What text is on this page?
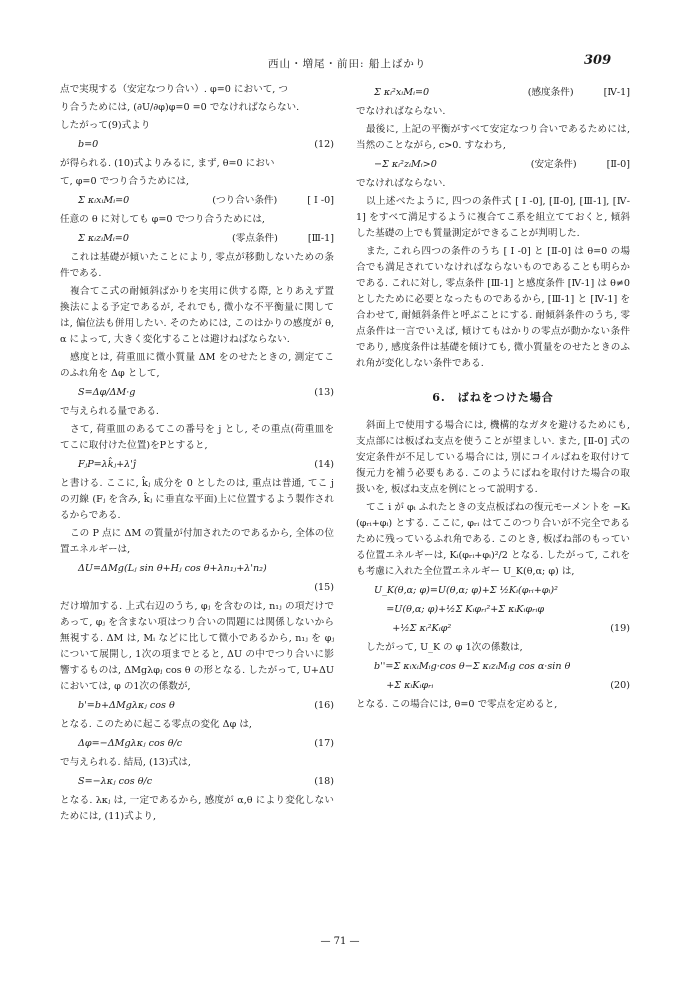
西山・増尾・前田: 船上ばかり	309

点で実現する（安定なつり合い）. φ=0 において, つ

り合うためには, (∂U/∂φ)φ=0 =0 でなければならない.

したがって(9)式より

b=0	(12)

が得られる. (10)式よりみるに, まず, θ=0 におい

て, φ=0 でつり合うためには,

Σ κᵢxᵢMᵢ=0	(つり合い条件)	[ I -0]

任意の θ に対しても φ=0 でつり合うためには,

Σ κᵢzᵢMᵢ=0	(零点条件)	[Ⅲ-1]

これは基礎が傾いたことにより, 零点が移動しないための条件である.

複合てこ式の耐傾斜ばかりを実用に供する際, とりあえず置換法による予定であるが, それでも, 微小な不平衡量に関しては, 偏位法も併用したい. そのためには, このはかりの感度が θ,α によって, 大きく変化することは避けねばならない.

感度とは, 荷重皿に微小質量 ΔM をのせたときの, 測定てこのふれ角を Δφ として,

S=Δφ/ΔM·g	(13)

で与えられる量である.

さて, 荷重皿のあるてこの番号を j とし, その重点(荷重皿をてこに取付けた位置)をPとすると,

FⱼP=λk̂ⱼ+λ'ĵ	(14)

と書ける. ここに, k̂ⱼ 成分を 0 としたのは, 重点は普通, てこ j の刃線 (Fⱼ を含み, k̂ⱼ に垂直な平面)上に位置するよう製作されるからである.

この P 点に ΔM の質量が付加されたのであるから, 全体の位置エネルギーは,

ΔU=ΔMg(Lⱼ sin θ+Hⱼ cos θ+λn₁ⱼ+λ'n₂)
(15)

だけ増加する. 上式右辺のうち, φⱼ を含むのは, n₁ⱼ の項だけであって, φⱼ を含まない項はつり合いの問題には関係しないから無視する. ΔM は, Mᵢ などに比して微小であるから, n₁ⱼ を φⱼ について展開し, 1次の項までとると, ΔU の中でつり合いに影響するものは, ΔMgλφⱼ cos θ の形となる. したがって, U+ΔU においては, φ の1次の係数が,

b'=b+ΔMgλκⱼ cos θ	(16)

となる. このために起こる零点の変化 Δφ は,

Δφ=−ΔMgλκⱼ cos θ/c	(17)

で与えられる. 結局, (13)式は,

S=−λκⱼ cos θ/c	(18)

となる. λκⱼ は, 一定であるから, 感度が α,θ により変化しないためには, (11)式より,

Σ κᵢ²xᵢMᵢ=0	(感度条件)	[Ⅳ-1]

でなければならない.

最後に, 上記の平衡がすべて安定なつり合いであるためには, 当然のことながら, c>0. すなわち,

−Σ κᵢ²zᵢMᵢ>0	(安定条件)	[Ⅱ-0]

でなければならない.

以上述べたように, 四つの条件式 [ I -0], [Ⅱ-0], [Ⅲ-1], [Ⅳ-1] をすべて満足するように複合てこ系を組立てておくと, 傾斜した基礎の上でも質量測定ができることが判明した.

また, これら四つの条件のうち [ I -0] と [Ⅱ-0] は θ=0 の場合でも満足されていなければならないものであることも明らかである. これに対し, 零点条件 [Ⅲ-1] と感度条件 [Ⅳ-1] は θ≠0 としたために必要となったものであるから, [Ⅲ-1] と [Ⅳ-1] を合わせて, 耐傾斜条件と呼ぶことにする. 耐傾斜条件のうち, 零点条件は一言でいえば, 傾けてもはかりの零点が動かない条件であり, 感度条件は基礎を傾けても, 微小質量をのせたときのふれ角が変化しない条件である.

6.　ばねをつけた場合

斜面上で使用する場合には, 機構的なガタを避けるためにも, 支点部には板ばね支点を使うことが望ましい. また, [Ⅱ-0] 式の安定条件が不足している場合には, 別にコイルばねを取付けて復元力を補う必要もある. このようにばねを取付けた場合の取扱いを, 板ばね支点を例にとって説明する.

てこ i が φᵢ ふれたときの支点板ばねの復元モーメントを −Kᵢ(φᵣᵢ+φᵢ) とする. ここに, φᵣᵢ はてこのつり合いが不完全であるために残っているふれ角である. このとき, 板ばね部のもっている位置エネルギーは, Kᵢ(φᵣᵢ+φᵢ)²/2 となる. したがって, これをも考慮に入れた全位置エネルギー U_K(θ,α; φ) は,

U_K(θ,α; φ)=U(θ,α; φ)+Σ ½Kᵢ(φᵣᵢ+φᵢ)²
=U(θ,α; φ)+½Σ Kᵢφᵣᵢ²+Σ κᵢKᵢφᵣᵢφ
+½Σ κᵢ²Kᵢφ²	(19)

したがって, U_K の φ 1次の係数は,

b''=Σ κᵢxᵢMᵢg·cos θ−Σ κᵢzᵢMᵢg cos α·sin θ
+Σ κᵢKᵢφᵣᵢ	(20)

となる. この場合には, θ=0 で零点を定めると,

— 71 —
